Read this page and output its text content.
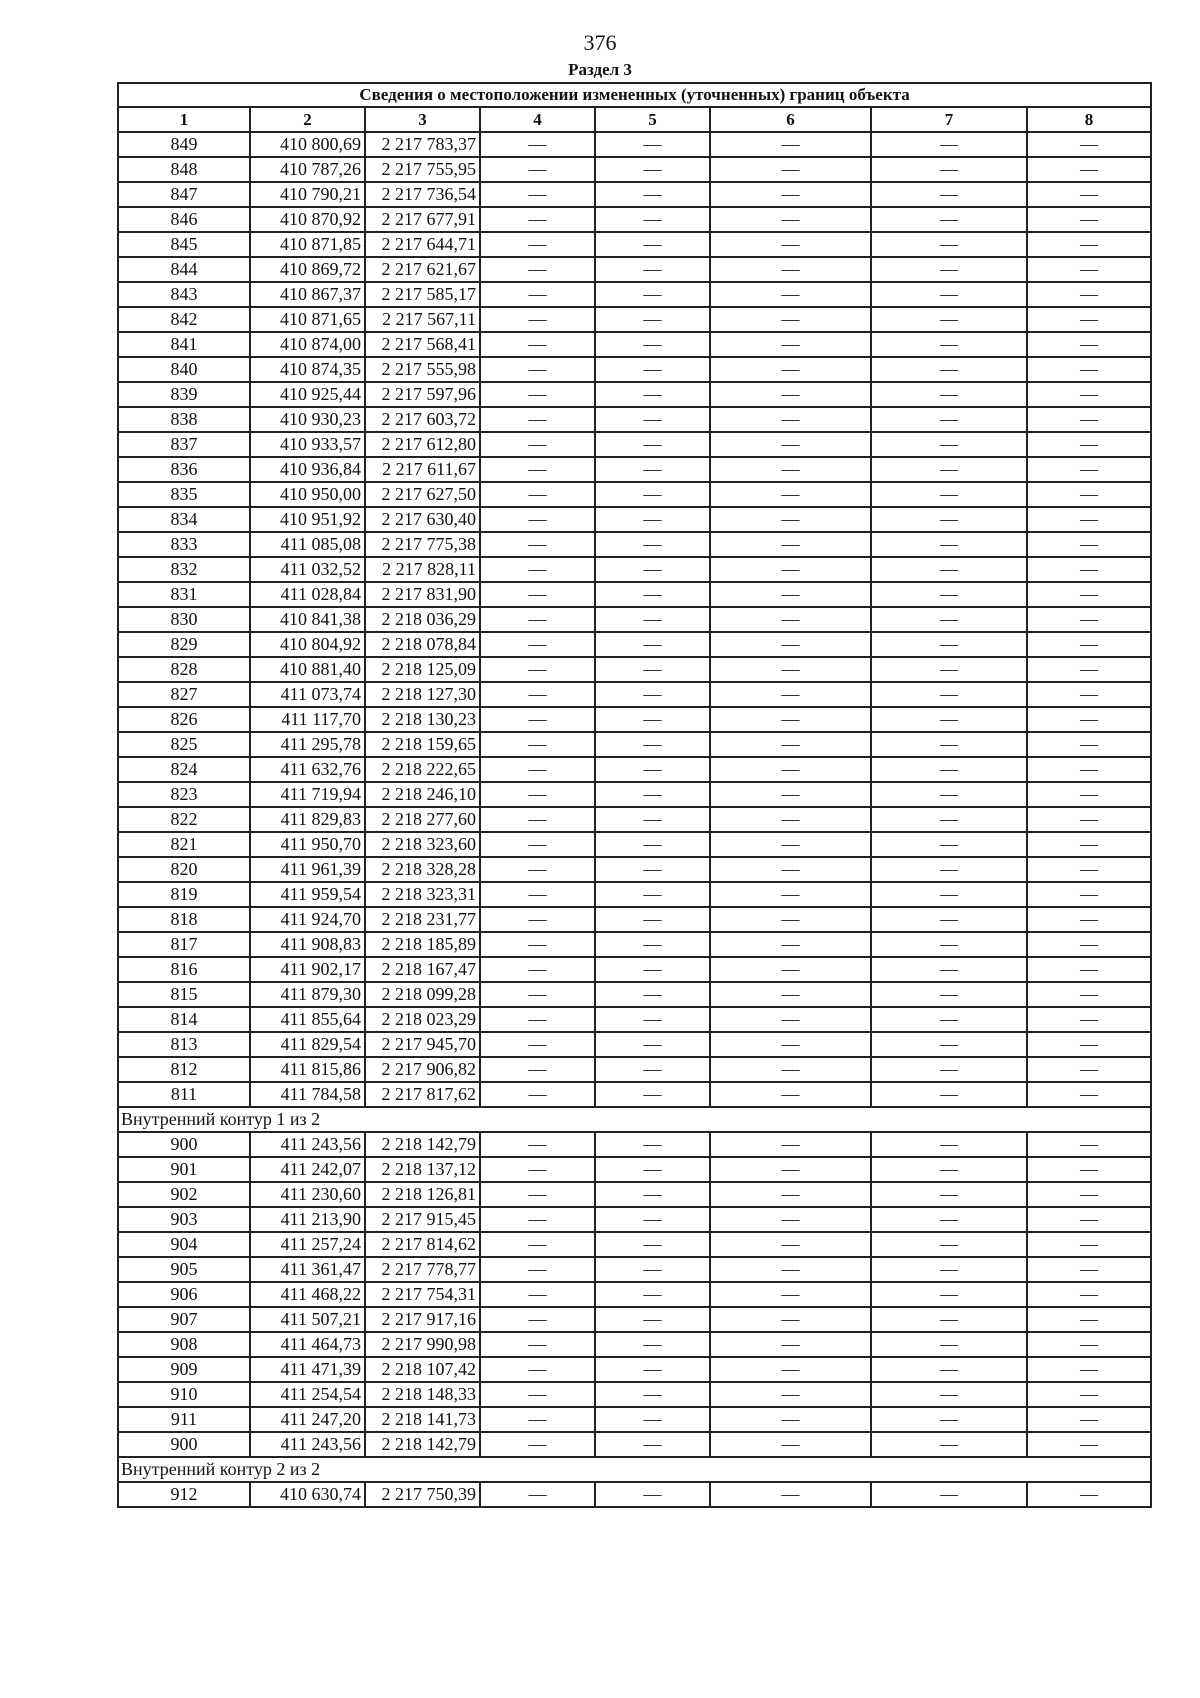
376
Раздел 3
Сведения о местоположении измененных (уточненных) границ объекта							
1	2	3	4	5	6	7	8
849	410 800,69	2 217 783,37	—	—	—	—	—
848	410 787,26	2 217 755,95	—	—	—	—	—
847	410 790,21	2 217 736,54	—	—	—	—	—
846	410 870,92	2 217 677,91	—	—	—	—	—
845	410 871,85	2 217 644,71	—	—	—	—	—
844	410 869,72	2 217 621,67	—	—	—	—	—
843	410 867,37	2 217 585,17	—	—	—	—	—
842	410 871,65	2 217 567,11	—	—	—	—	—
841	410 874,00	2 217 568,41	—	—	—	—	—
840	410 874,35	2 217 555,98	—	—	—	—	—
839	410 925,44	2 217 597,96	—	—	—	—	—
838	410 930,23	2 217 603,72	—	—	—	—	—
837	410 933,57	2 217 612,80	—	—	—	—	—
836	410 936,84	2 217 611,67	—	—	—	—	—
835	410 950,00	2 217 627,50	—	—	—	—	—
834	410 951,92	2 217 630,40	—	—	—	—	—
833	411 085,08	2 217 775,38	—	—	—	—	—
832	411 032,52	2 217 828,11	—	—	—	—	—
831	411 028,84	2 217 831,90	—	—	—	—	—
830	410 841,38	2 218 036,29	—	—	—	—	—
829	410 804,92	2 218 078,84	—	—	—	—	—
828	410 881,40	2 218 125,09	—	—	—	—	—
827	411 073,74	2 218 127,30	—	—	—	—	—
826	411 117,70	2 218 130,23	—	—	—	—	—
825	411 295,78	2 218 159,65	—	—	—	—	—
824	411 632,76	2 218 222,65	—	—	—	—	—
823	411 719,94	2 218 246,10	—	—	—	—	—
822	411 829,83	2 218 277,60	—	—	—	—	—
821	411 950,70	2 218 323,60	—	—	—	—	—
820	411 961,39	2 218 328,28	—	—	—	—	—
819	411 959,54	2 218 323,31	—	—	—	—	—
818	411 924,70	2 218 231,77	—	—	—	—	—
817	411 908,83	2 218 185,89	—	—	—	—	—
816	411 902,17	2 218 167,47	—	—	—	—	—
815	411 879,30	2 218 099,28	—	—	—	—	—
814	411 855,64	2 218 023,29	—	—	—	—	—
813	411 829,54	2 217 945,70	—	—	—	—	—
812	411 815,86	2 217 906,82	—	—	—	—	—
811	411 784,58	2 217 817,62	—	—	—	—	—
Внутренний контур 1 из 2							
900	411 243,56	2 218 142,79	—	—	—	—	—
901	411 242,07	2 218 137,12	—	—	—	—	—
902	411 230,60	2 218 126,81	—	—	—	—	—
903	411 213,90	2 217 915,45	—	—	—	—	—
904	411 257,24	2 217 814,62	—	—	—	—	—
905	411 361,47	2 217 778,77	—	—	—	—	—
906	411 468,22	2 217 754,31	—	—	—	—	—
907	411 507,21	2 217 917,16	—	—	—	—	—
908	411 464,73	2 217 990,98	—	—	—	—	—
909	411 471,39	2 218 107,42	—	—	—	—	—
910	411 254,54	2 218 148,33	—	—	—	—	—
911	411 247,20	2 218 141,73	—	—	—	—	—
900	411 243,56	2 218 142,79	—	—	—	—	—
Внутренний контур 2 из 2							
912	410 630,74	2 217 750,39	—	—	—	—	—
